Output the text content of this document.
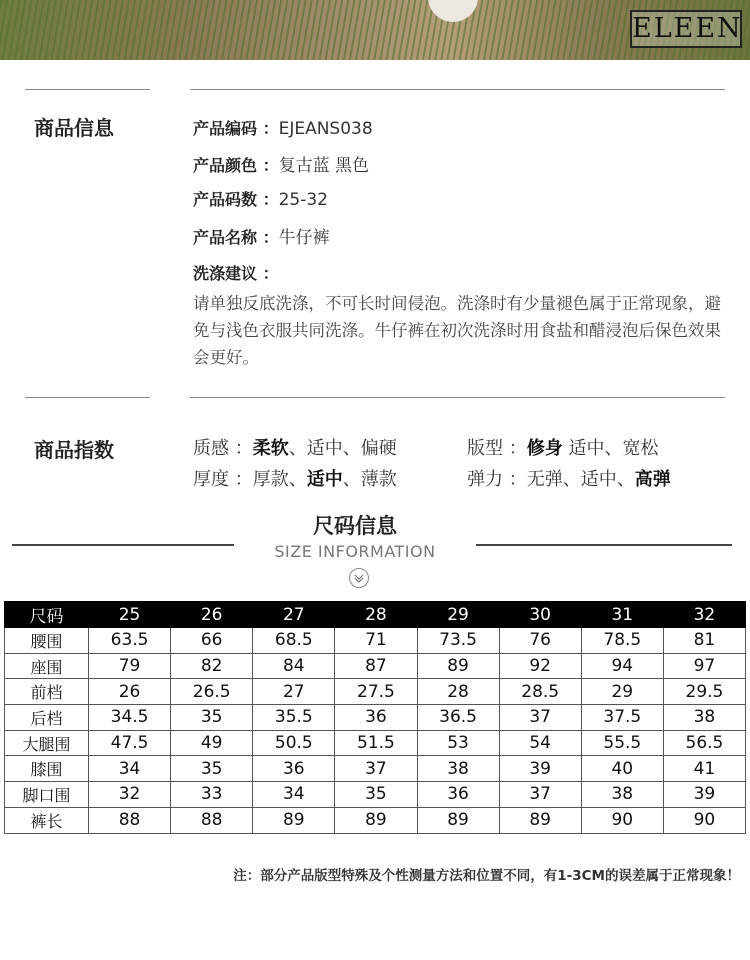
ELEEN
商品信息	产品编码 ：EJEANS038
产品颜色 ：复古蓝 黑色
产品码数 ：25-32
产品名称 ：牛仔裤
洗涤建议 ：
请单独反底洗涤，不可长时间侵泡。洗涤时有少量褪色属于正常现象，避免与浅色衣服共同洗涤。牛仔裤在初次洗涤时用食盐和醋浸泡后保色效果会更好。
商品指数	质感 ：柔软、适中、偏硬	版型 ：修身 适中、宽松
厚度 ：厚款、适中、薄款	弹力 ：无弹、适中、高弹
尺码信息
SIZE INFORMATION
尺码	25	26	27	28	29	30	31	32
腰围	63.5	66	68.5	71	73.5	76	78.5	81
座围	79	82	84	87	89	92	94	97
前档	26	26.5	27	27.5	28	28.5	29	29.5
后档	34.5	35	35.5	36	36.5	37	37.5	38
大腿围	47.5	49	50.5	51.5	53	54	55.5	56.5
膝围	34	35	36	37	38	39	40	41
脚口围	32	33	34	35	36	37	38	39
裤长	88	88	89	89	89	89	90	90
注：部分产品版型特殊及个性测量方法和位置不同，有1-3CM的误差属于正常现象！
